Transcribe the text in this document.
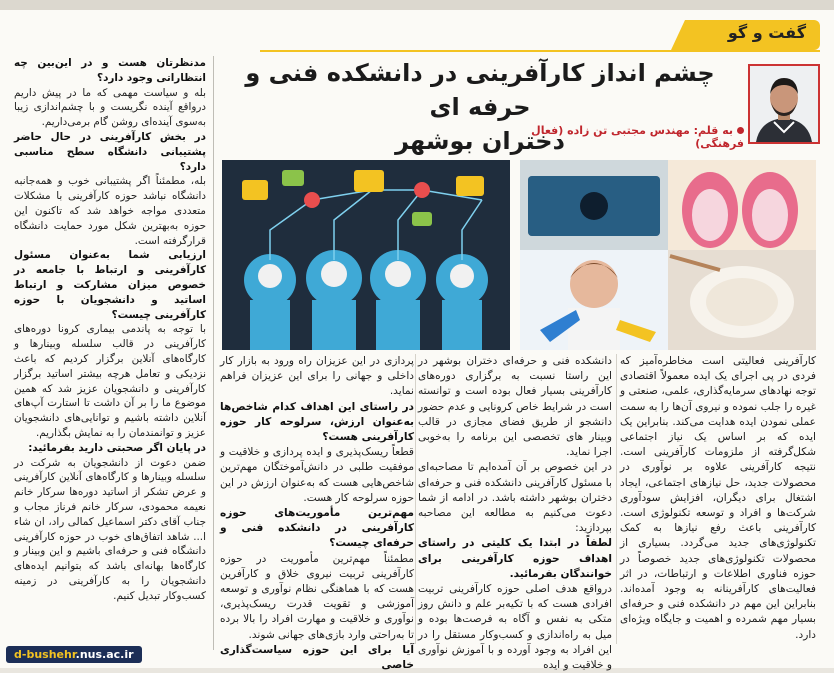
گفت و گو
چشم انداز کارآفرینی در دانشکده فنی و حرفه ای
دختران بوشهر
به قلم: مهندس مجتبی تن زاده (فعال فرهنگی)

کارآفرینی فعالیتی است مخاطره‌آمیز که فردی در پی اجرای یک ایده معمولاً اقتصادی توجه نهادهای سرمایه‌گذاری، علمی، صنعتی و غیره را جلب نموده و نیروی آن‌ها را به سمت عملی نمودن ایده هدایت می‌کند. بنابراین یک ایده که بر اساس یک نیاز اجتماعی شکل‌گرفته از ملزومات کارآفرینی است. نتیجه کارآفرینی علاوه بر نوآوری در محصولات جدید، حل نیازهای اجتماعی، ایجاد اشتغال برای دیگران، افزایش سودآوری شرکت‌ها و افراد و توسعه تکنولوژی است. کارآفرینی باعث رفع نیازها به کمک تکنولوژی‌های جدید می‌گردد. بسیاری از محصولات تکنولوژی‌های جدید خصوصاً در حوزه فناوری اطلاعات و ارتباطات، در اثر فعالیت‌های کارآفرینانه به وجود آمده‌اند. بنابراین این مهم در دانشکده فنی و حرفه‌ای بسیار مهم شمرده و اهمیت و جایگاه ویژه‌ای دارد.

دانشکده فنی و حرفه‌ای دختران بوشهر در این راستا نسبت به برگزاری دوره‌های کارآفرینی بسیار فعال بوده است و توانسته است در شرایط خاص کرونایی و عدم حضور دانشجو از طریق فضای مجازی در قالب وبینار های تخصصی این برنامه را به‌خوبی اجرا نماید.

در این خصوص بر آن آمده‌ایم تا مصاحبه‌ای با مسئول کارآفرینی دانشکده فنی و حرفه‌ای دختران بوشهر داشته باشد. در ادامه از شما دعوت می‌کنیم به مطالعه این مصاحبه بپردازید:

لطفاً در ابتدا یک کلیتی در راستای اهداف حوزه کارآفرینی برای خوانندگان بفرمائید.

درواقع هدف اصلی حوزه کارآفرینی تربیت افرادی هست که با تکیه‌بر علم و دانش روز متکی به نفس و آگاه به فرصت‌ها بوده و میل به راه‌اندازی و کسب‌وکار مستقل را در این افراد به وجود آورده و با آموزش نوآوری و خلاقیت و ایده

پردازی در این عزیزان راه ورود به بازار کار داخلی و جهانی را برای این عزیزان فراهم نماید.

در راستای این اهداف کدام شاخص‌ها به‌عنوان ارزش، سرلوحه کار حوزه کارآفرینی هست؟

قطعاً ریسک‌پذیری و ایده پردازی و خلاقیت و موفقیت طلبی در دانش‌آموختگان مهم‌ترین شاخص‌هایی هست که به‌عنوان ارزش در این حوزه سرلوحه کار هست.

مهم‌ترین مأموریت‌های حوزه کارآفرینی در دانشکده فنی و حرفه‌ای چیست؟

مطمئناً مهم‌ترین مأموریت در حوزه کارآفرینی تربیت نیروی خلاق و کارآفرین هست که با هماهنگی نظام نوآوری و توسعه آموزشی و تقویت قدرت ریسک‌پذیری، نوآوری و خلاقیت و مهارت افراد را بالا برده تا به‌راحتی وارد بازی‌های جهانی شوند.

آیا برای این حوزه سیاست‌گذاری خاصی

مدنظرتان هست و در این‌بین چه انتظاراتی وجود دارد؟

بله و سیاست مهمی که ما در پیش داریم درواقع آینده نگریست و با چشم‌اندازی زیبا به‌سوی آینده‌ای روشن گام برمی‌داریم.

در بخش کارآفرینی در حال حاضر پشتیبانی دانشگاه سطح مناسبی دارد؟

بله، مطمئناً اگر پشتیبانی خوب و همه‌جانبه دانشگاه نباشد حوزه کارآفرینی با مشکلات متعددی مواجه خواهد شد که تاکنون این حوزه به‌بهترین شکل مورد حمایت دانشگاه قرارگرفته است.

ارزیابی شما به‌عنوان مسئول کارآفرینی و ارتباط با جامعه در خصوص میزان مشارکت و ارتباط اساتید و دانشجویان با حوزه کارآفرینی چیست؟

با توجه به پاندمی بیماری کرونا دوره‌های کارآفرینی در قالب سلسله وبینارها و کارگاه‌های آنلاین برگزار کردیم که باعث نزدیکی و تعامل هرچه بیشتر اساتید برگزار کارآفرینی و دانشجویان عزیز شد که همین موضوع ما را بر آن داشت تا استارت آپ‌های آنلاین داشته باشیم و توانایی‌های دانشجویان عزیز و توانمندمان را به نمایش بگذاریم.

در پایان اگر صحبتی دارید بفرمائید:

ضمن دعوت از دانشجویان به شرکت در سلسله وبینارها و کارگاه‌های آنلاین کارآفرینی و عرض تشکر از اساتید دوره‌ها سرکار خانم نعیمه محمودی، سرکار خانم فرناز مجاب و جناب آقای دکتر اسماعیل کمالی راد، ان شاء ا... شاهد اتفاق‌های خوب در حوزه کارآفرینی دانشگاه فنی و حرفه‌ای باشیم و این وبینار و کارگاه‌ها بهانه‌ای باشد که بتوانیم ایده‌های دانشجویان را به کارآفرینی در زمینه کسب‌وکار تبدیل کنیم.

d-bushehr.nus.ac.ir
